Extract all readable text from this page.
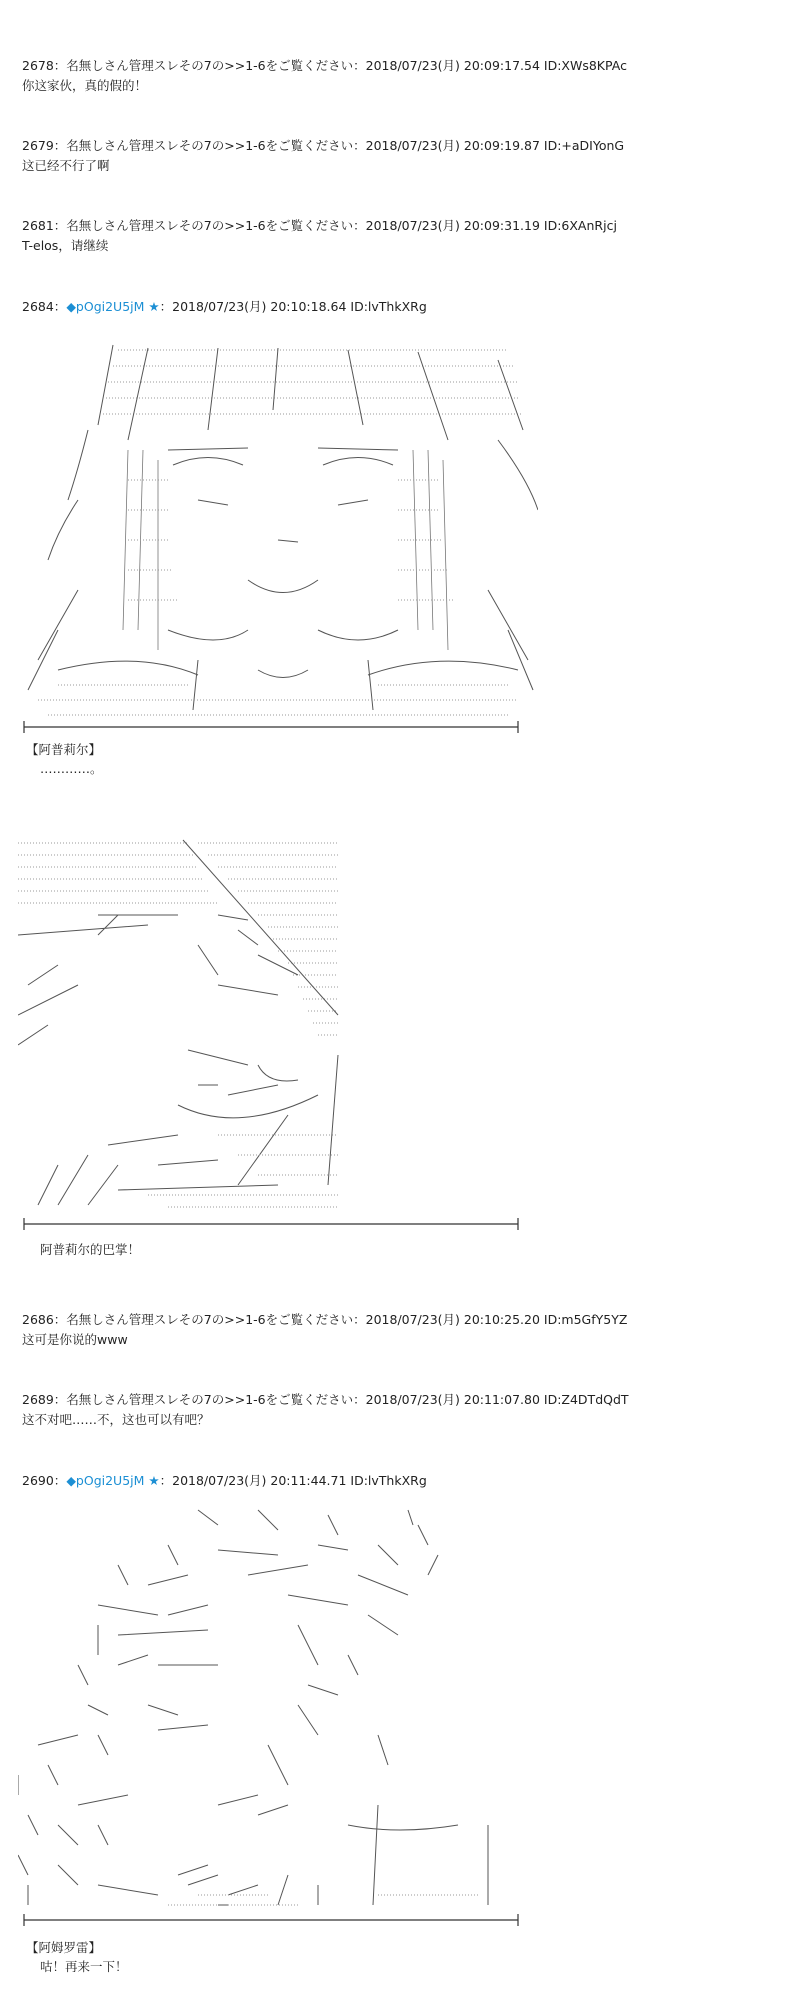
2678：名無しさん管理スレその7の>>1-6をご覧ください：2018/07/23(月) 20:09:17.54 ID:XWs8KPAc
你这家伙，真的假的！
2679：名無しさん管理スレその7の>>1-6をご覧ください：2018/07/23(月) 20:09:19.87 ID:+aDIYonG
这已经不行了啊
2681：名無しさん管理スレその7の>>1-6をご覧ください：2018/07/23(月) 20:09:31.19 ID:6XAnRjcj
T-elos，请继续
2684：◆pOgi2U5jM ★：2018/07/23(月) 20:10:18.64 ID:lvThkXRg
【阿普莉尔】
…………。
阿普莉尔的巴掌！
2686：名無しさん管理スレその7の>>1-6をご覧ください：2018/07/23(月) 20:10:25.20 ID:m5GfY5YZ
这可是你说的www
2689：名無しさん管理スレその7の>>1-6をご覧ください：2018/07/23(月) 20:11:07.80 ID:Z4DTdQdT
这不对吧……不，这也可以有吧？
2690：◆pOgi2U5jM ★：2018/07/23(月) 20:11:44.71 ID:lvThkXRg
【阿姆罗雷】
咕！再来一下！
